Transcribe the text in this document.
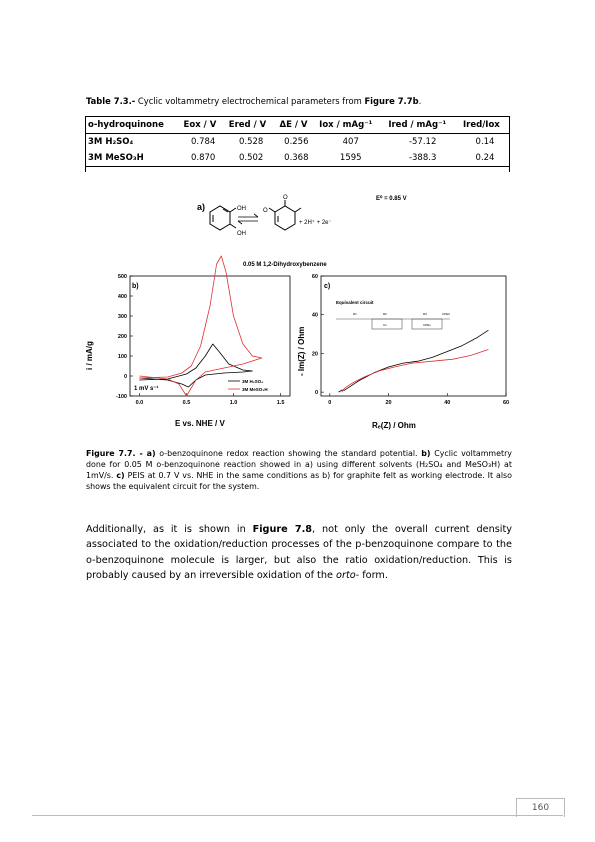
Table 7.3.- Cyclic voltammetry electrochemical parameters from Figure 7.7b.
o-hydroquinone	Eox / V	Ered / V	ΔE / V	Iox / mAg⁻¹	Ired / mAg⁻¹	Ired/Iox
3M H₂SO₄	0.784	0.528	0.256	407	-57.12	0.14
3M MeSO₃H	0.870	0.502	0.368	1595	-388.3	0.24
a)	OH
OH
O
O
+ 2H⁺ + 2e⁻
E⁰ = 0.85 V
0.05 M 1,2-Dihydroxybenzene
b)
i / mA/g
E vs. NHE / V
1 mV s⁻¹
0.0	0.5	1.0	1.5
-100
0
100
200
300
400
500
3M H₂SO₄
3M MeSO₃H
c)
- Im(Z) / Ohm
Rₑ(Z) / Ohm
Equivalent circuit
R1	R2
C1
R3
CPE1
CPE2
0	20	40	60
0
20
40
60
Figure 7.7. - a) o-benzoquinone redox reaction showing the standard potential. b) Cyclic voltammetry done for 0.05 M o-benzoquinone reaction showed in a) using different solvents (H₂SO₄ and MeSO₃H) at 1mV/s. c) PEIS at 0.7 V vs. NHE in the same conditions as b) for graphite felt as working electrode. It also shows the equivalent circuit for the system.
Additionally, as it is shown in Figure 7.8, not only the overall current density associated to the oxidation/reduction processes of the p-benzoquinone compare to the o-benzoquinone molecule is larger, but also the ratio oxidation/reduction. This is probably caused by an irreversible oxidation of the orto- form.
160
